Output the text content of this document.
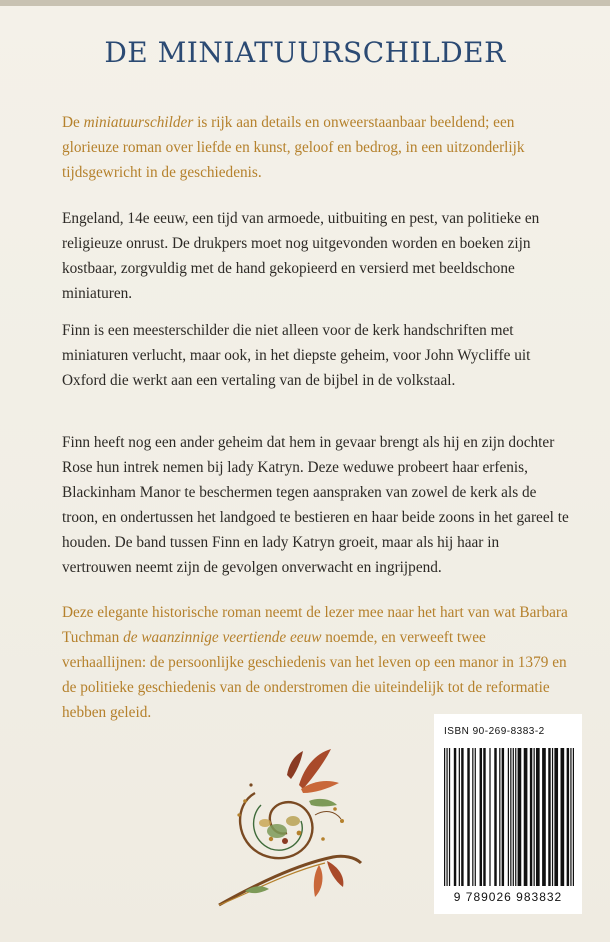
DE MINIATUURSCHILDER

De miniatuurschilder is rijk aan details en onweerstaanbaar beeldend; een glorieuze roman over liefde en kunst, geloof en bedrog, in een uitzonderlijk tijdsgewricht in de geschiedenis.

Engeland, 14e eeuw, een tijd van armoede, uitbuiting en pest, van politieke en religieuze onrust. De drukpers moet nog uitgevonden worden en boeken zijn kostbaar, zorgvuldig met de hand gekopieerd en versierd met beeldschone miniaturen.

Finn is een meesterschilder die niet alleen voor de kerk handschriften met miniaturen verlucht, maar ook, in het diepste geheim, voor John Wycliffe uit Oxford die werkt aan een vertaling van de bijbel in de volkstaal.

Finn heeft nog een ander geheim dat hem in gevaar brengt als hij en zijn dochter Rose hun intrek nemen bij lady Katryn. Deze weduwe probeert haar erfenis, Blackinham Manor te beschermen tegen aanspraken van zowel de kerk als de troon, en ondertussen het landgoed te bestieren en haar beide zoons in het gareel te houden. De band tussen Finn en lady Katryn groeit, maar als hij haar in vertrouwen neemt zijn de gevolgen onverwacht en ingrijpend.

Deze elegante historische roman neemt de lezer mee naar het hart van wat Barbara Tuchman de waanzinnige veertiende eeuw noemde, en verweeft twee verhaallijnen: de persoonlijke geschiedenis van het leven op een manor in 1379 en de politieke geschiedenis van de onderstromen die uiteindelijk tot de reformatie hebben geleid.

ISBN 90-269-8383-2
9 789026 983832
